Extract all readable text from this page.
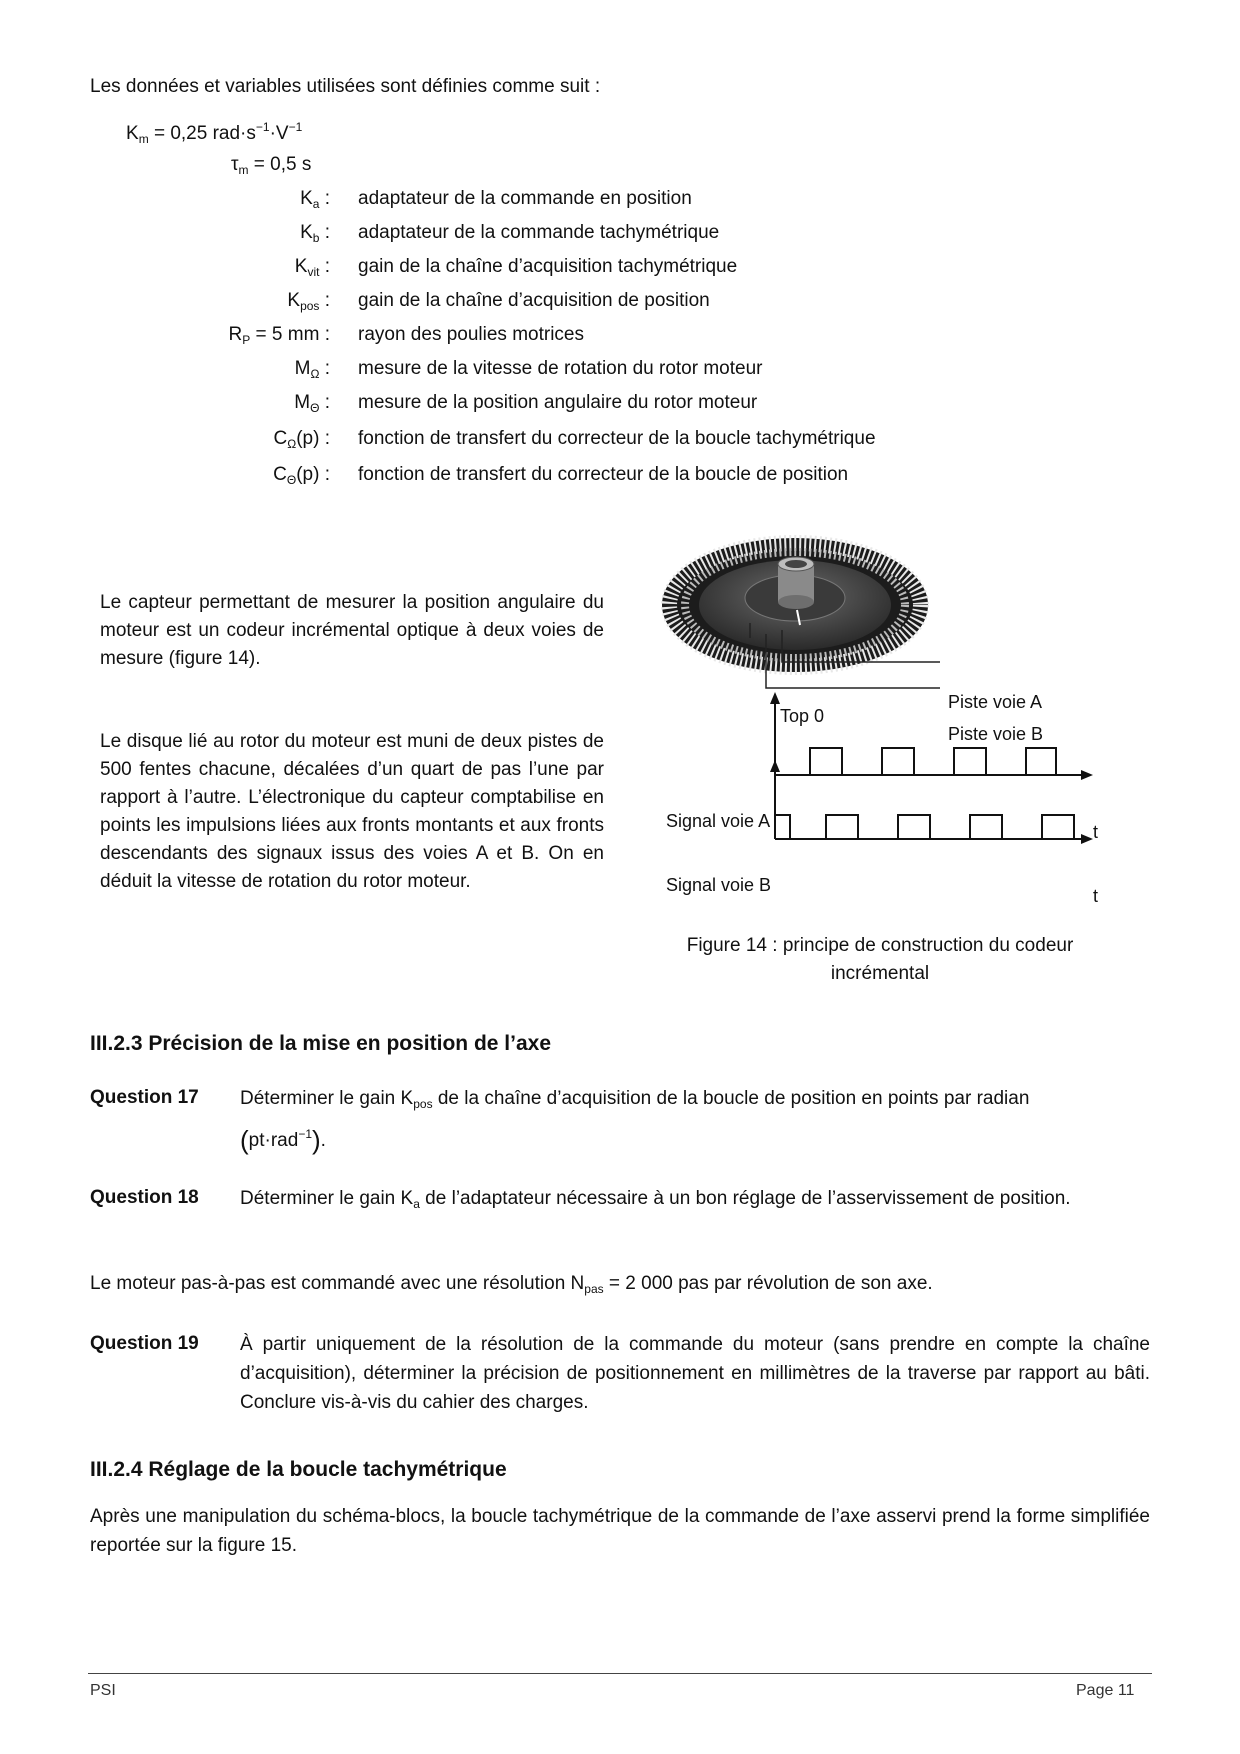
Les données et variables utilisées sont définies comme suit :
$K_m = 0,25$ $rad\cdot s^{-1}\cdot V^{-1}$
$\tau_m = 0,5$ s
$K_a$ : adaptateur de la commande en position
$K_b$ : adaptateur de la commande tachymétrique
$K_{vit}$ : gain de la chaîne d’acquisition tachymétrique
$K_{pos}$ : gain de la chaîne d’acquisition de position
$R_P = 5$ mm : rayon des poulies motrices
$M_\Omega$ : mesure de la vitesse de rotation du rotor moteur
$M_\Theta$ : mesure de la position angulaire du rotor moteur
$C_\Omega(p)$ : fonction de transfert du correcteur de la boucle tachymétrique
$C_\Theta(p)$ : fonction de transfert du correcteur de la boucle de position
Le capteur permettant de mesurer la position angulaire du moteur est un codeur incrémental optique à deux voies de mesure (figure 14).
Le disque lié au rotor du moteur est muni de deux pistes de 500 fentes chacune, décalées d’un quart de pas l’une par rapport à l’autre. L’électronique du capteur comptabilise en points les impulsions liées aux fronts montants et aux fronts descendants des signaux issus des voies A et B. On en déduit la vitesse de rotation du rotor moteur.
Top 0
Piste voie A
Piste voie B
Signal voie A
Signal voie B
t
t
Figure 14 : principe de construction du codeur
incrémental
III.2.3 Précision de la mise en position de l’axe
Question 17 Déterminer le gain $K_{pos}$ de la chaîne d’acquisition de la boucle de position en points par radian
(pt·rad$^{-1}$).
Question 18 Déterminer le gain $K_a$ de l’adaptateur nécessaire à un bon réglage de l’asservissement de position.
Le moteur pas-à-pas est commandé avec une résolution $N_{pas} = 2$ 000 pas par révolution de son axe.
Question 19 À partir uniquement de la résolution de la commande du moteur (sans prendre en compte la chaîne d’acquisition), déterminer la précision de positionnement en millimètres de la traverse par rapport au bâti. Conclure vis-à-vis du cahier des charges.
III.2.4 Réglage de la boucle tachymétrique
Après une manipulation du schéma-blocs, la boucle tachymétrique de la commande de l’axe asservi prend la forme simplifiée reportée sur la figure 15.
PSI	Page 11
